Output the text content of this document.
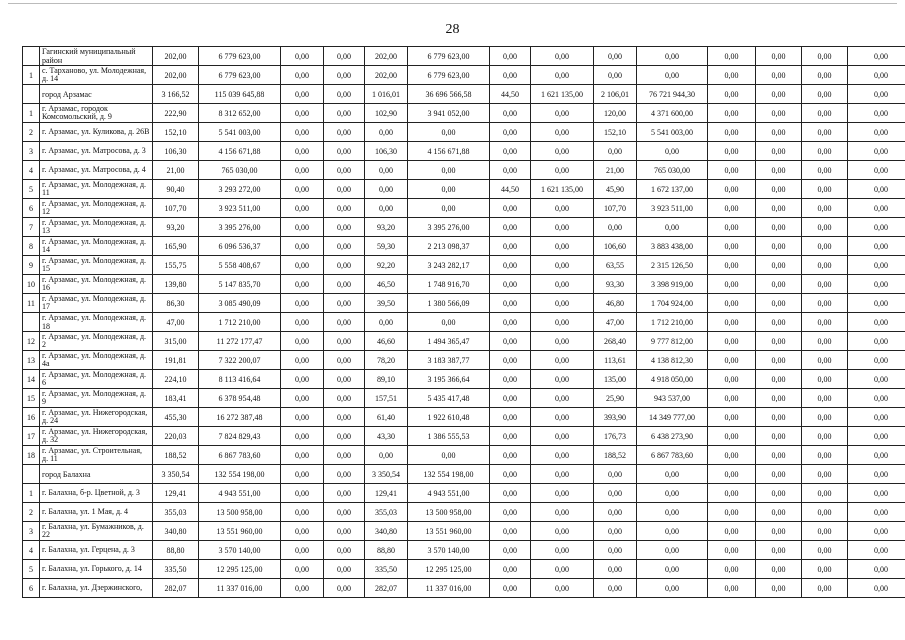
28
	Гагинский муниципальный район	202,00	6 779 623,00	0,00	0,00	202,00	6 779 623,00	0,00	0,00	0,00	0,00	0,00	0,00	0,00	0,00
1	с. Тарханово, ул. Молодежная, д. 14	202,00	6 779 623,00	0,00	0,00	202,00	6 779 623,00	0,00	0,00	0,00	0,00	0,00	0,00	0,00	0,00
	город Арзамас	3 166,52	115 039 645,88	0,00	0,00	1 016,01	36 696 566,58	44,50	1 621 135,00	2 106,01	76 721 944,30	0,00	0,00	0,00	0,00
1	г. Арзамас, городок Комсомольский, д. 9	222,90	8 312 652,00	0,00	0,00	102,90	3 941 052,00	0,00	0,00	120,00	4 371 600,00	0,00	0,00	0,00	0,00
2	г. Арзамас, ул. Куликова, д. 26В	152,10	5 541 003,00	0,00	0,00	0,00	0,00	0,00	0,00	152,10	5 541 003,00	0,00	0,00	0,00	0,00
3	г. Арзамас, ул. Матросова, д. 3	106,30	4 156 671,88	0,00	0,00	106,30	4 156 671,88	0,00	0,00	0,00	0,00	0,00	0,00	0,00	0,00
4	г. Арзамас, ул. Матросова, д. 4	21,00	765 030,00	0,00	0,00	0,00	0,00	0,00	0,00	21,00	765 030,00	0,00	0,00	0,00	0,00
5	г. Арзамас, ул. Молодежная, д. 11	90,40	3 293 272,00	0,00	0,00	0,00	0,00	44,50	1 621 135,00	45,90	1 672 137,00	0,00	0,00	0,00	0,00
6	г. Арзамас, ул. Молодежная, д. 12	107,70	3 923 511,00	0,00	0,00	0,00	0,00	0,00	0,00	107,70	3 923 511,00	0,00	0,00	0,00	0,00
7	г. Арзамас, ул. Молодежная, д. 13	93,20	3 395 276,00	0,00	0,00	93,20	3 395 276,00	0,00	0,00	0,00	0,00	0,00	0,00	0,00	0,00
8	г. Арзамас, ул. Молодежная, д. 14	165,90	6 096 536,37	0,00	0,00	59,30	2 213 098,37	0,00	0,00	106,60	3 883 438,00	0,00	0,00	0,00	0,00
9	г. Арзамас, ул. Молодежная, д. 15	155,75	5 558 408,67	0,00	0,00	92,20	3 243 282,17	0,00	0,00	63,55	2 315 126,50	0,00	0,00	0,00	0,00
10	г. Арзамас, ул. Молодежная, д. 16	139,80	5 147 835,70	0,00	0,00	46,50	1 748 916,70	0,00	0,00	93,30	3 398 919,00	0,00	0,00	0,00	0,00
11	г. Арзамас, ул. Молодежная, д. 17	86,30	3 085 490,09	0,00	0,00	39,50	1 380 566,09	0,00	0,00	46,80	1 704 924,00	0,00	0,00	0,00	0,00
	г. Арзамас, ул. Молодежная, д. 18	47,00	1 712 210,00	0,00	0,00	0,00	0,00	0,00	0,00	47,00	1 712 210,00	0,00	0,00	0,00	0,00
12	г. Арзамас, ул. Молодежная, д. 2	315,00	11 272 177,47	0,00	0,00	46,60	1 494 365,47	0,00	0,00	268,40	9 777 812,00	0,00	0,00	0,00	0,00
13	г. Арзамас, ул. Молодежная, д. 4а	191,81	7 322 200,07	0,00	0,00	78,20	3 183 387,77	0,00	0,00	113,61	4 138 812,30	0,00	0,00	0,00	0,00
14	г. Арзамас, ул. Молодежная, д. 6	224,10	8 113 416,64	0,00	0,00	89,10	3 195 366,64	0,00	0,00	135,00	4 918 050,00	0,00	0,00	0,00	0,00
15	г. Арзамас, ул. Молодежная, д. 9	183,41	6 378 954,48	0,00	0,00	157,51	5 435 417,48	0,00	0,00	25,90	943 537,00	0,00	0,00	0,00	0,00
16	г. Арзамас, ул. Нижегородская, д. 24	455,30	16 272 387,48	0,00	0,00	61,40	1 922 610,48	0,00	0,00	393,90	14 349 777,00	0,00	0,00	0,00	0,00
17	г. Арзамас, ул. Нижегородская, д. 32	220,03	7 824 829,43	0,00	0,00	43,30	1 386 555,53	0,00	0,00	176,73	6 438 273,90	0,00	0,00	0,00	0,00
18	г. Арзамас, ул. Строительная, д. 11	188,52	6 867 783,60	0,00	0,00	0,00	0,00	0,00	0,00	188,52	6 867 783,60	0,00	0,00	0,00	0,00
	город Балахна	3 350,54	132 554 198,00	0,00	0,00	3 350,54	132 554 198,00	0,00	0,00	0,00	0,00	0,00	0,00	0,00	0,00
1	г. Балахна, б-р. Цветной, д. 3	129,41	4 943 551,00	0,00	0,00	129,41	4 943 551,00	0,00	0,00	0,00	0,00	0,00	0,00	0,00	0,00
2	г. Балахна, ул. 1 Мая, д. 4	355,03	13 500 958,00	0,00	0,00	355,03	13 500 958,00	0,00	0,00	0,00	0,00	0,00	0,00	0,00	0,00
3	г. Балахна, ул. Бумажников, д. 22	340,80	13 551 960,00	0,00	0,00	340,80	13 551 960,00	0,00	0,00	0,00	0,00	0,00	0,00	0,00	0,00
4	г. Балахна, ул. Герцена, д. 3	88,80	3 570 140,00	0,00	0,00	88,80	3 570 140,00	0,00	0,00	0,00	0,00	0,00	0,00	0,00	0,00
5	г. Балахна, ул. Горького, д. 14	335,50	12 295 125,00	0,00	0,00	335,50	12 295 125,00	0,00	0,00	0,00	0,00	0,00	0,00	0,00	0,00
6	г. Балахна, ул. Дзержинского,	282,07	11 337 016,00	0,00	0,00	282,07	11 337 016,00	0,00	0,00	0,00	0,00	0,00	0,00	0,00	0,00
